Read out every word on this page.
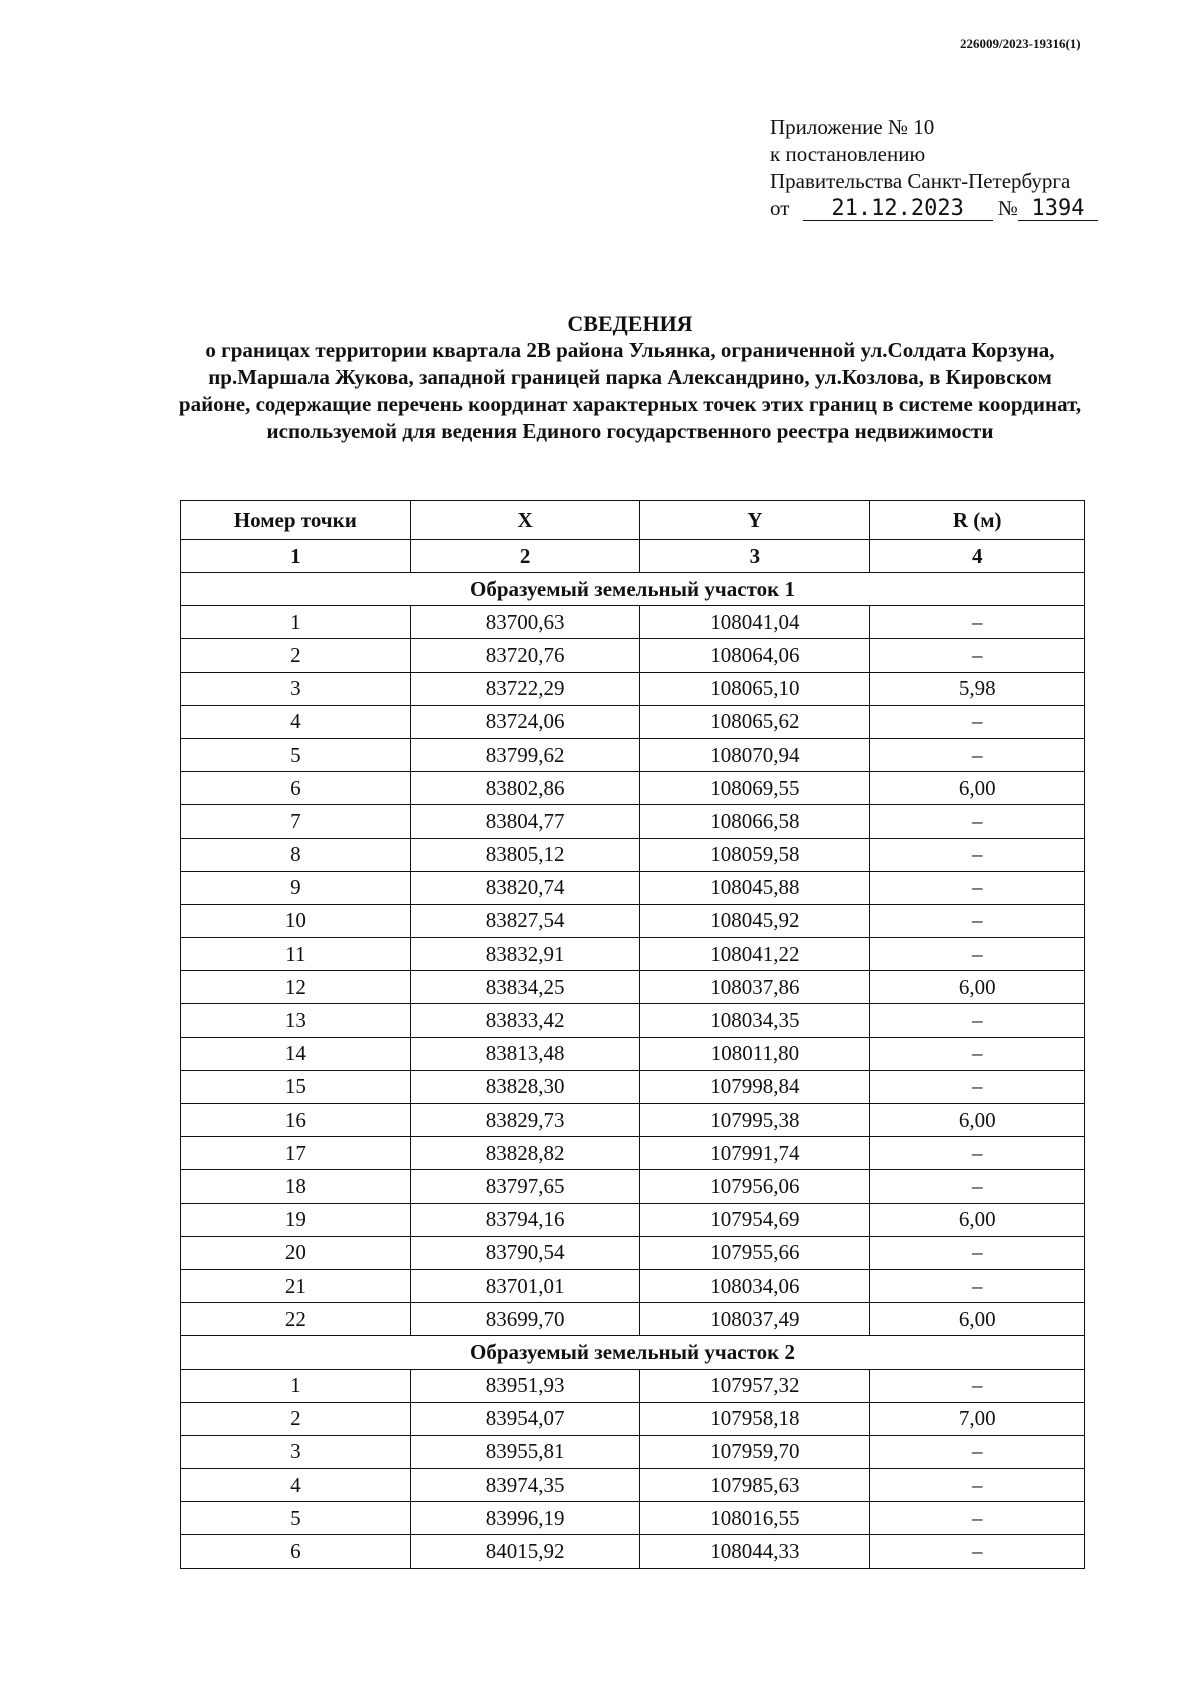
226009/2023-19316(1)
Приложение № 10
к постановлению
Правительства Санкт-Петербурга
от 21.12.2023 № 1394
СВЕДЕНИЯ
о границах территории квартала 2В района Ульянка, ограниченной ул.Солдата Корзуна, пр.Маршала Жукова, западной границей парка Александрино, ул.Козлова, в Кировском районе, содержащие перечень координат характерных точек этих границ в системе координат, используемой для ведения Единого государственного реестра недвижимости
Номер точки	X	Y	R (м)
1	2	3	4
Образуемый земельный участок 1			
1	83700,63	108041,04	–
2	83720,76	108064,06	–
3	83722,29	108065,10	5,98
4	83724,06	108065,62	–
5	83799,62	108070,94	–
6	83802,86	108069,55	6,00
7	83804,77	108066,58	–
8	83805,12	108059,58	–
9	83820,74	108045,88	–
10	83827,54	108045,92	–
11	83832,91	108041,22	–
12	83834,25	108037,86	6,00
13	83833,42	108034,35	–
14	83813,48	108011,80	–
15	83828,30	107998,84	–
16	83829,73	107995,38	6,00
17	83828,82	107991,74	–
18	83797,65	107956,06	–
19	83794,16	107954,69	6,00
20	83790,54	107955,66	–
21	83701,01	108034,06	–
22	83699,70	108037,49	6,00
Образуемый земельный участок 2			
1	83951,93	107957,32	–
2	83954,07	107958,18	7,00
3	83955,81	107959,70	–
4	83974,35	107985,63	–
5	83996,19	108016,55	–
6	84015,92	108044,33	–
